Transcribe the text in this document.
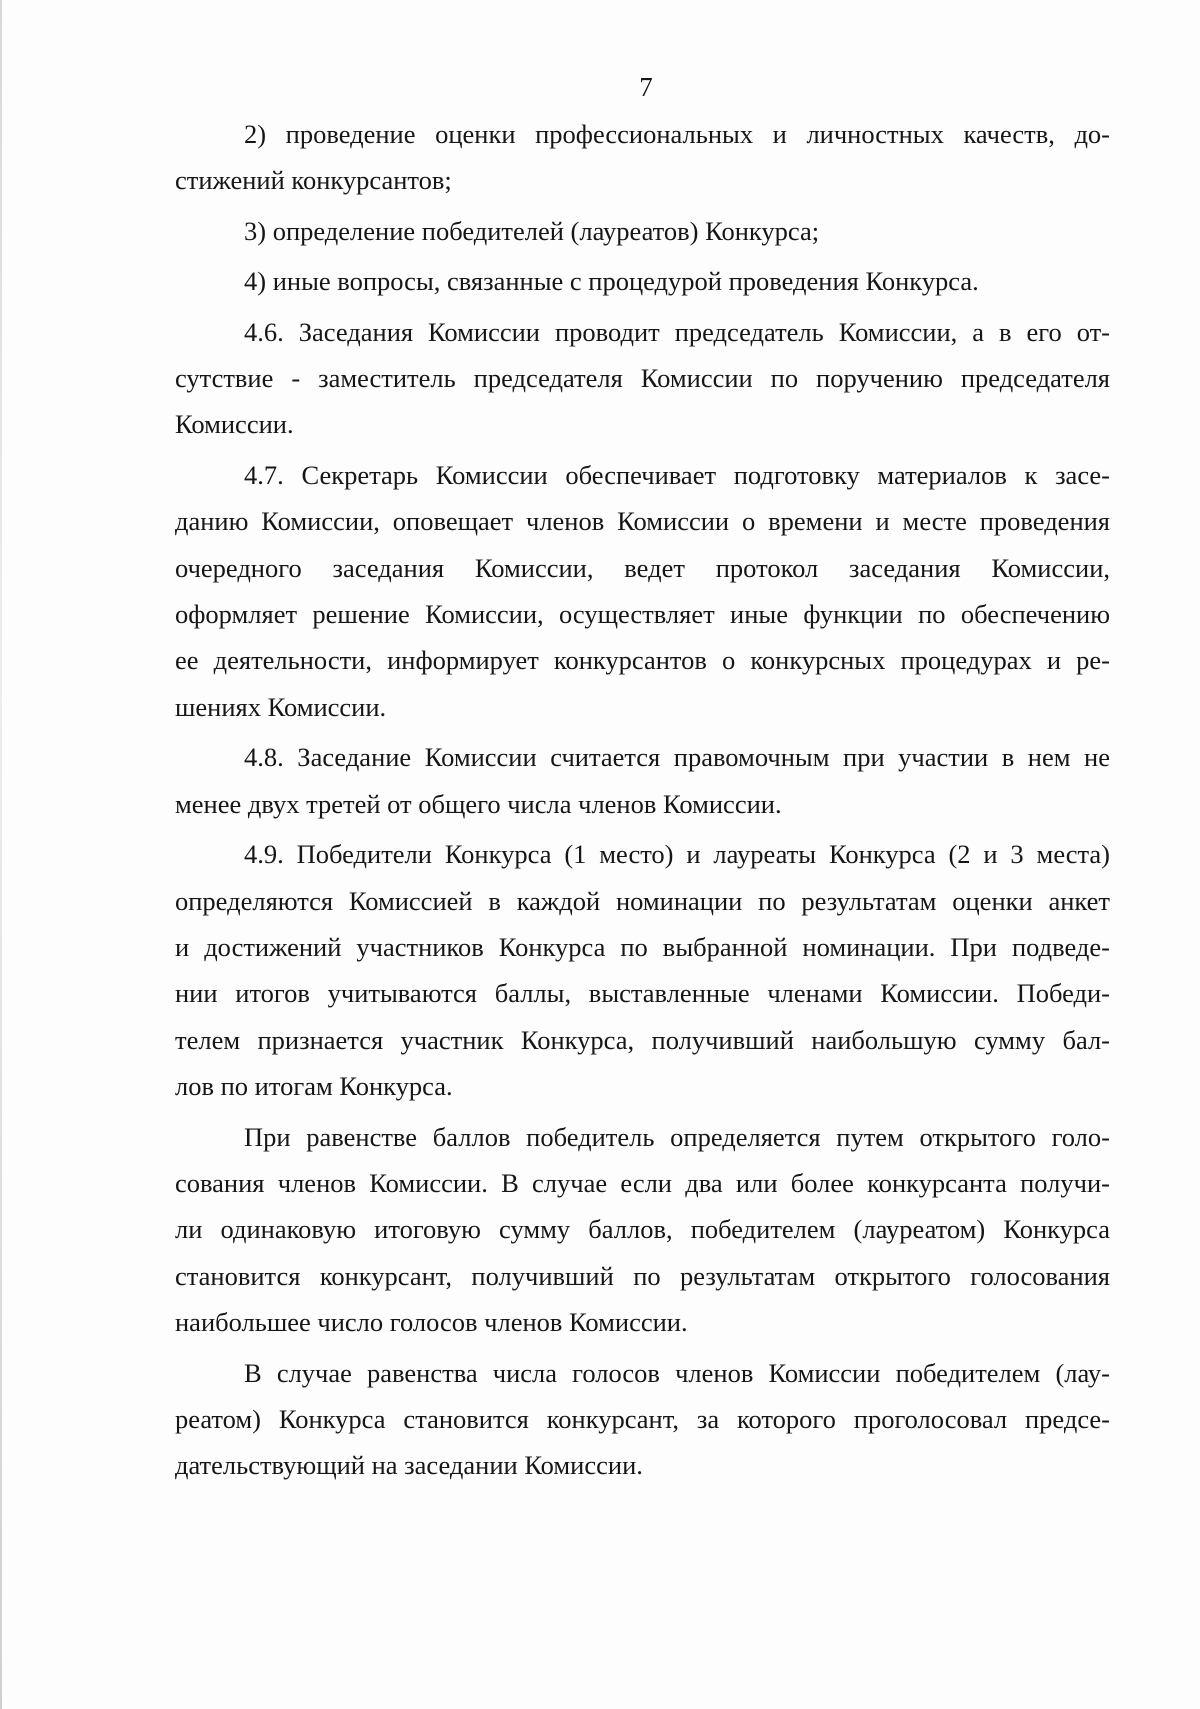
7

2) проведение оценки профессиональных и личностных качеств, до-
стижений конкурсантов;

3) определение победителей (лауреатов) Конкурса;

4) иные вопросы, связанные с процедурой проведения Конкурса.

4.6. Заседания Комиссии проводит председатель Комиссии, а в его от-
сутствие - заместитель председателя Комиссии по поручению председателя
Комиссии.

4.7. Секретарь Комиссии обеспечивает подготовку материалов к засе-
данию Комиссии, оповещает членов Комиссии о времени и месте проведения
очередного заседания Комиссии, ведет протокол заседания Комиссии,
оформляет решение Комиссии, осуществляет иные функции по обеспечению
ее деятельности, информирует конкурсантов о конкурсных процедурах и ре-
шениях Комиссии.

4.8. Заседание Комиссии считается правомочным при участии в нем не
менее двух третей от общего числа членов Комиссии.

4.9. Победители Конкурса (1 место) и лауреаты Конкурса (2 и 3 места)
определяются Комиссией в каждой номинации по результатам оценки анкет
и достижений участников Конкурса по выбранной номинации. При подведе-
нии итогов учитываются баллы, выставленные членами Комиссии. Победи-
телем признается участник Конкурса, получивший наибольшую сумму бал-
лов по итогам Конкурса.

При равенстве баллов победитель определяется путем открытого голо-
сования членов Комиссии. В случае если два или более конкурсанта получи-
ли одинаковую итоговую сумму баллов, победителем (лауреатом) Конкурса
становится конкурсант, получивший по результатам открытого голосования
наибольшее число голосов членов Комиссии.

В случае равенства числа голосов членов Комиссии победителем (лау-
реатом) Конкурса становится конкурсант, за которого проголосовал предсе-
дательствующий на заседании Комиссии.
